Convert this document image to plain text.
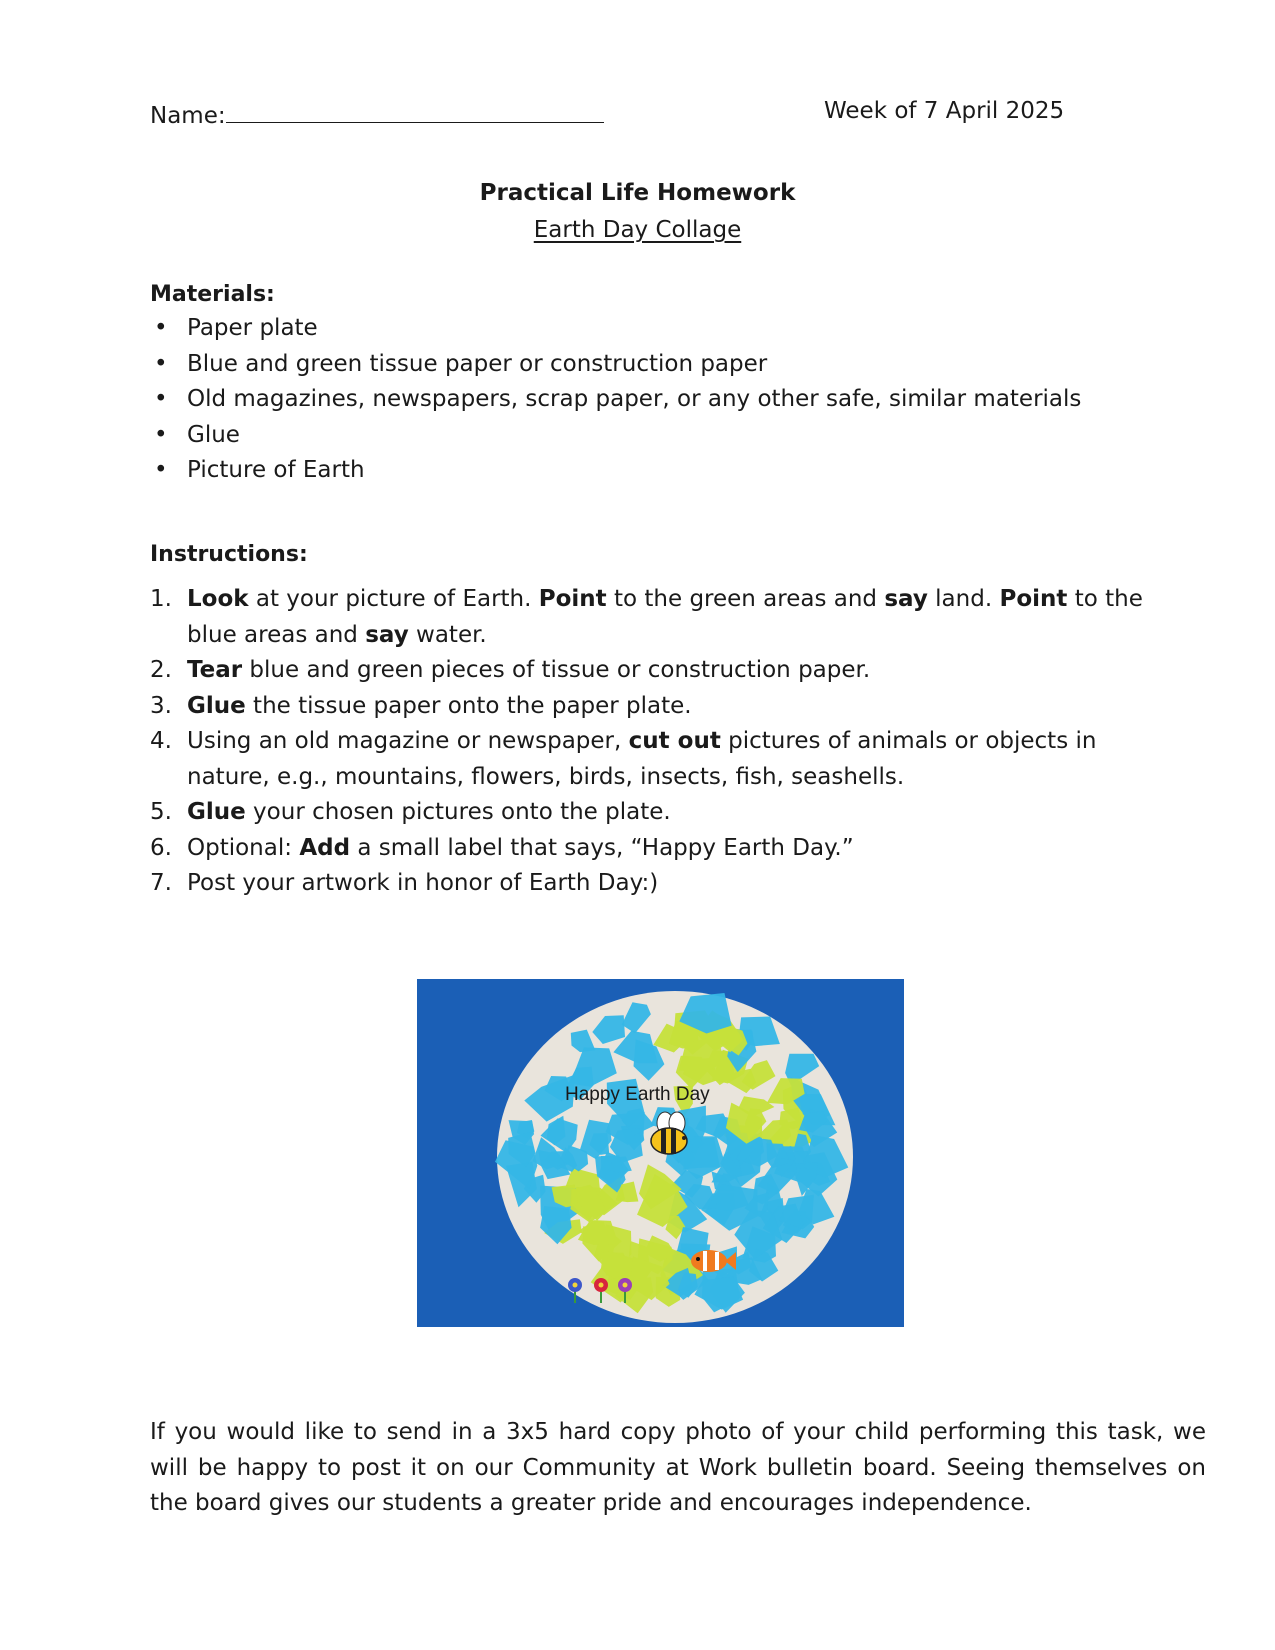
Name:	Week of 7 April 2025
Practical Life Homework
Earth Day Collage
Materials:
• Paper plate
• Blue and green tissue paper or construction paper
• Old magazines, newspapers, scrap paper, or any other safe, similar materials
• Glue
• Picture of Earth
Instructions:
1. Look at your picture of Earth. Point to the green areas and say land. Point to the blue areas and say water.
2. Tear blue and green pieces of tissue or construction paper.
3. Glue the tissue paper onto the paper plate.
4. Using an old magazine or newspaper, cut out pictures of animals or objects in nature, e.g., mountains, flowers, birds, insects, fish, seashells.
5. Glue your chosen pictures onto the plate.
6. Optional: Add a small label that says, “Happy Earth Day.”
7. Post your artwork in honor of Earth Day:)
Happy Earth Day
If you would like to send in a 3x5 hard copy photo of your child performing this task, we will be happy to post it on our Community at Work bulletin board. Seeing themselves on the board gives our students a greater pride and encourages independence.
